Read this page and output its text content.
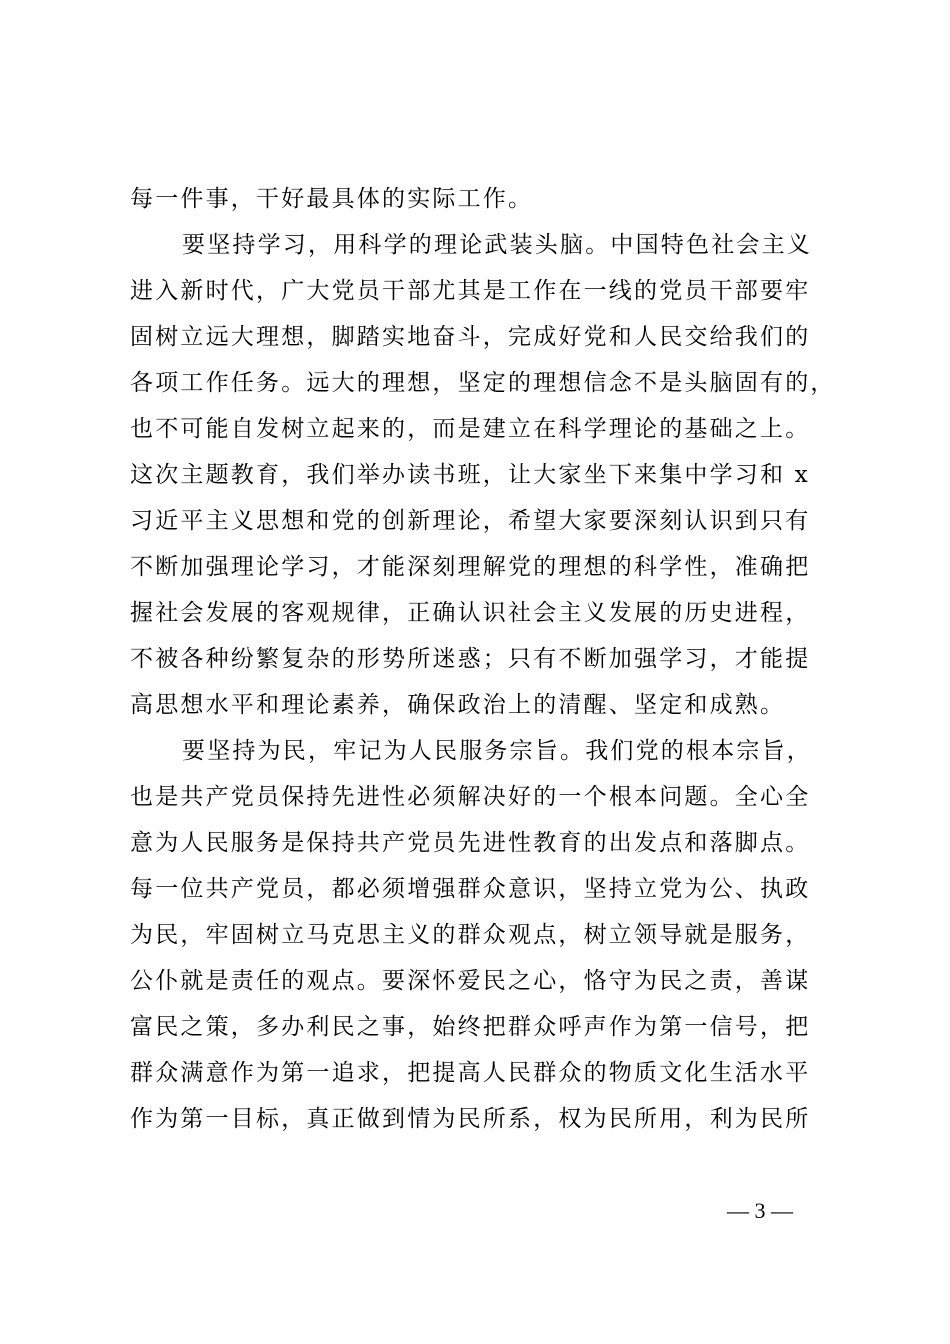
每一件事，干好最具体的实际工作。
要坚持学习，用科学的理论武装头脑。中国特色社会主义
进入新时代，广大党员干部尤其是工作在一线的党员干部要牢
固树立远大理想，脚踏实地奋斗，完成好党和人民交给我们的
各项工作任务。远大的理想，坚定的理想信念不是头脑固有的，
也不可能自发树立起来的，而是建立在科学理论的基础之上。
这次主题教育，我们举办读书班，让大家坐下来集中学习和 x
习近平主义思想和党的创新理论，希望大家要深刻认识到只有
不断加强理论学习，才能深刻理解党的理想的科学性，准确把
握社会发展的客观规律，正确认识社会主义发展的历史进程，
不被各种纷繁复杂的形势所迷惑；只有不断加强学习，才能提
高思想水平和理论素养，确保政治上的清醒、坚定和成熟。
要坚持为民，牢记为人民服务宗旨。我们党的根本宗旨，
也是共产党员保持先进性必须解决好的一个根本问题。全心全
意为人民服务是保持共产党员先进性教育的出发点和落脚点。
每一位共产党员，都必须增强群众意识，坚持立党为公、执政
为民，牢固树立马克思主义的群众观点，树立领导就是服务，
公仆就是责任的观点。要深怀爱民之心，恪守为民之责，善谋
富民之策，多办利民之事，始终把群众呼声作为第一信号，把
群众满意作为第一追求，把提高人民群众的物质文化生活水平
作为第一目标，真正做到情为民所系，权为民所用，利为民所
— 3 —
